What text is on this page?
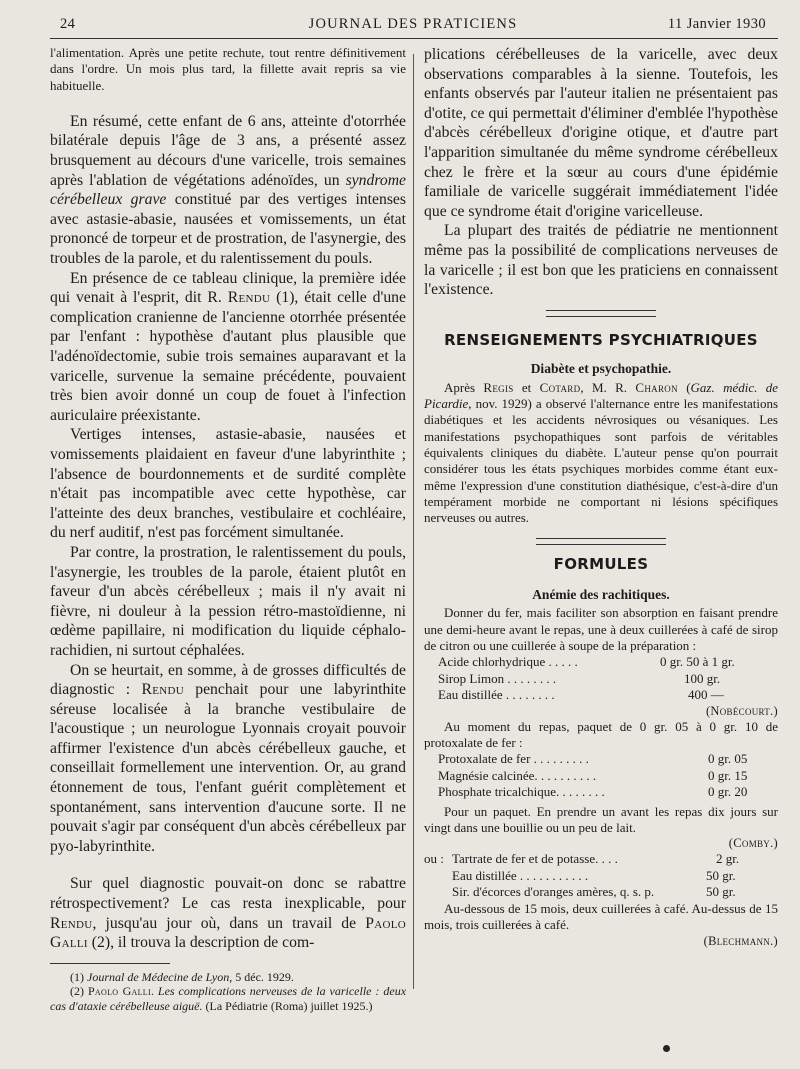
24	JOURNAL DES PRATICIENS	11 Janvier 1930

l'alimentation. Après une petite rechute, tout rentre définitivement dans l'ordre. Un mois plus tard, la fillette avait repris sa vie habituelle.

En résumé, cette enfant de 6 ans, atteinte d'otorrhée bilatérale depuis l'âge de 3 ans, a présenté assez brusquement au décours d'une varicelle, trois semaines après l'ablation de végétations adénoïdes, un syndrome cérébelleux grave constitué par des vertiges intenses avec astasie-abasie, nausées et vomissements, un état prononcé de torpeur et de prostration, de l'asynergie, des troubles de la parole, et du ralentissement du pouls.

En présence de ce tableau clinique, la première idée qui venait à l'esprit, dit R. Rendu (1), était celle d'une complication cranienne de l'ancienne otorrhée présentée par l'enfant : hypothèse d'autant plus plausible que l'adénoïdectomie, subie trois semaines auparavant et la varicelle, survenue la semaine précédente, pouvaient très bien avoir donné un coup de fouet à l'infection auriculaire préexistante.

Vertiges intenses, astasie-abasie, nausées et vomissements plaidaient en faveur d'une labyrinthite ; l'absence de bourdonnements et de surdité complète n'était pas incompatible avec cette hypothèse, car l'atteinte des deux branches, vestibulaire et cochléaire, du nerf auditif, n'est pas forcément simultanée.

Par contre, la prostration, le ralentissement du pouls, l'asynergie, les troubles de la parole, étaient plutôt en faveur d'un abcès cérébelleux ; mais il n'y avait ni fièvre, ni douleur à la pession rétro-mastoïdienne, ni œdème papillaire, ni modification du liquide céphalo-rachidien, ni surtout céphalées.

On se heurtait, en somme, à de grosses difficultés de diagnostic : Rendu penchait pour une labyrinthite séreuse localisée à la branche vestibulaire de l'acoustique ; un neurologue Lyonnais croyait pouvoir affirmer l'existence d'un abcès cérébelleux gauche, et conseillait formellement une intervention. Or, au grand étonnement de tous, l'enfant guérit complètement et spontanément, sans intervention d'aucune sorte. Il ne pouvait s'agir par conséquent d'un abcès cérébelleux par pyo-labyrinthite.

Sur quel diagnostic pouvait-on donc se rabattre rétrospectivement? Le cas resta inexplicable, pour Rendu, jusqu'au jour où, dans un travail de Paolo Galli (2), il trouva la description de com-

(1) Journal de Médecine de Lyon, 5 déc. 1929.

(2) Paolo Galli. Les complications nerveuses de la varicelle : deux cas d'ataxie cérébelleuse aiguë. (La Pédiatrie (Roma) juillet 1925.)

plications cérébelleuses de la varicelle, avec deux observations comparables à la sienne. Toutefois, les enfants observés par l'auteur italien ne présentaient pas d'otite, ce qui permettait d'éliminer d'emblée l'hypothèse d'abcès cérébelleux d'origine otique, et d'autre part l'apparition simultanée du même syndrome cérébelleux chez le frère et la sœur au cours d'une épidémie familiale de varicelle suggérait immédiatement l'idée que ce syndrome était d'origine varicelleuse.

La plupart des traités de pédiatrie ne mentionnent même pas la possibilité de complications nerveuses de la varicelle ; il est bon que les praticiens en connaissent l'existence.

RENSEIGNEMENTS PSYCHIATRIQUES

Diabète et psychopathie.

Après Regis et Cotard, M. R. Charon (Gaz. médic. de Picardie, nov. 1929) a observé l'alternance entre les manifestations diabétiques et les accidents névrosiques ou vésaniques. Les manifestations psychopathiques sont parfois de véritables équivalents cliniques du diabète. L'auteur pense qu'on pourrait considérer tous les états psychiques morbides comme étant eux-même l'expression d'une constitution diathésique, c'est-à-dire d'un tempérament morbide ne comportant ni lésions spécifiques nerveuses ou autres.

FORMULES

Anémie des rachitiques.

Donner du fer, mais faciliter son absorption en faisant prendre une demi-heure avant le repas, une à deux cuillerées à café de sirop de citron ou une cuillerée à soupe de la préparation :

Acide chlorhydrique . . . . .	0 gr. 50 à 1 gr.
Sirop Limon . . . . . . . .	100 gr.
Eau distillée . . . . . . . .	400 —

(Nobécourt.)

Au moment du repas, paquet de 0 gr. 05 à 0 gr. 10 de protoxalate de fer :

Protoxalate de fer . . . . . . . . .	0 gr. 05
Magnésie calcinée. . . . . . . . . .	0 gr. 15
Phosphate tricalchique. . . . . . . .	0 gr. 20

Pour un paquet. En prendre un avant les repas dix jours sur vingt dans une bouillie ou un peu de lait.

(Comby.)

ou : Tartrate de fer et de potasse. . . .	2 gr.
Eau distillée . . . . . . . . . . .	50 gr.
Sir. d'écorces d'oranges amères, q. s. p.	50 gr.

Au-dessous de 15 mois, deux cuillerées à café. Au-dessus de 15 mois, trois cuillerées à café.

(Blechmann.)
